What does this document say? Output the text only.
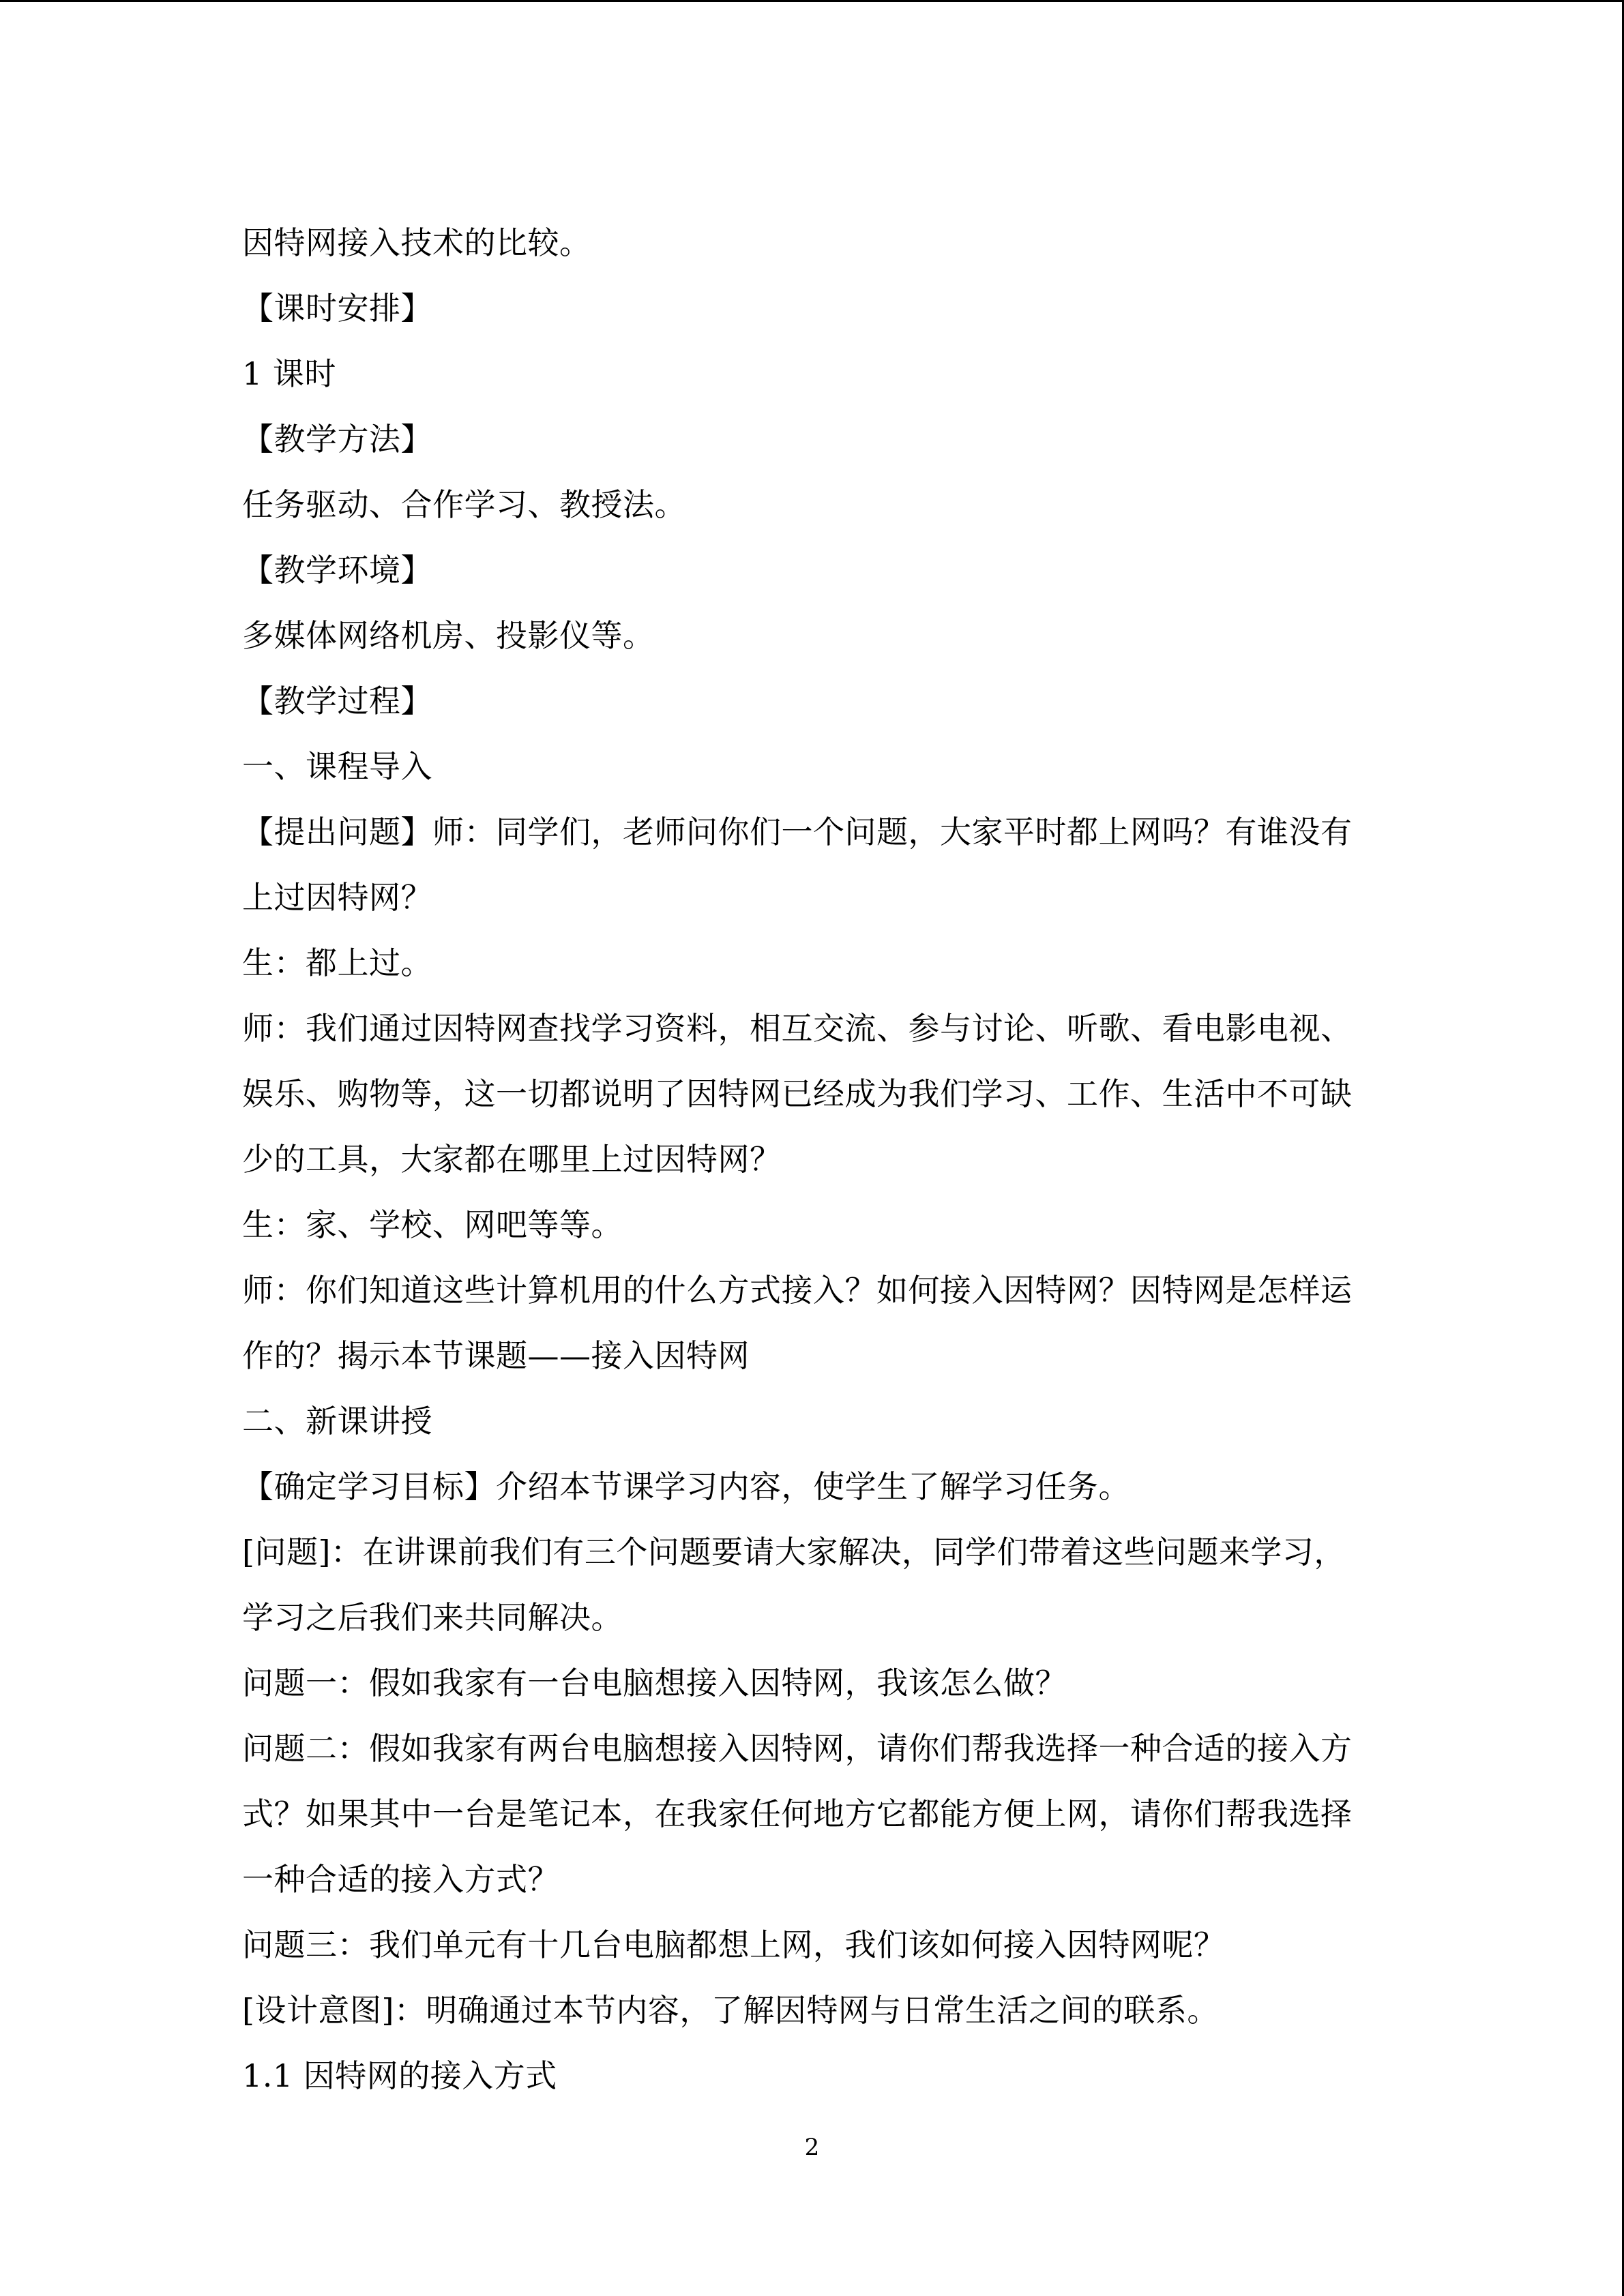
因特网接入技术的比较。
【课时安排】
1 课时
【教学方法】
任务驱动、合作学习、教授法。
【教学环境】
多媒体网络机房、投影仪等。
【教学过程】
一、课程导入
【提出问题】师：同学们，老师问你们一个问题，大家平时都上网吗？有谁没有
上过因特网？
生：都上过。
师：我们通过因特网查找学习资料，相互交流、参与讨论、听歌、看电影电视、
娱乐、购物等，这一切都说明了因特网已经成为我们学习、工作、生活中不可缺
少的工具，大家都在哪里上过因特网？
生：家、学校、网吧等等。
师：你们知道这些计算机用的什么方式接入？如何接入因特网？因特网是怎样运
作的？揭示本节课题——接入因特网
二、新课讲授
【确定学习目标】介绍本节课学习内容，使学生了解学习任务。
[问题]：在讲课前我们有三个问题要请大家解决，同学们带着这些问题来学习，
学习之后我们来共同解决。
问题一：假如我家有一台电脑想接入因特网，我该怎么做？
问题二：假如我家有两台电脑想接入因特网，请你们帮我选择一种合适的接入方
式？如果其中一台是笔记本，在我家任何地方它都能方便上网，请你们帮我选择
一种合适的接入方式？
问题三：我们单元有十几台电脑都想上网，我们该如何接入因特网呢？
[设计意图]：明确通过本节内容，了解因特网与日常生活之间的联系。
1.1 因特网的接入方式
2
